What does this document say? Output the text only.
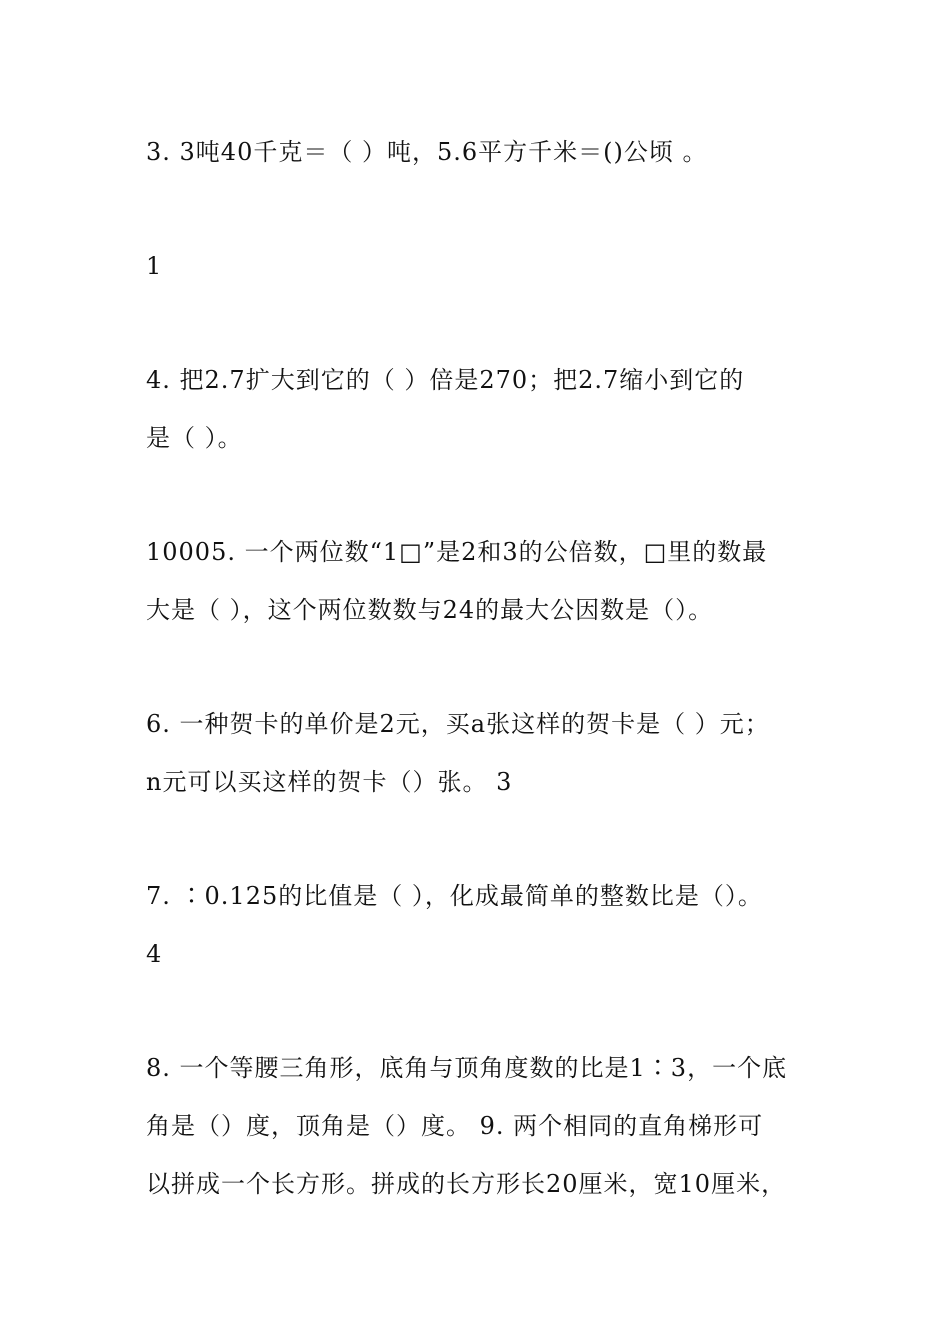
3. 3吨40千克＝（ ）吨，5.6平方千米＝()公顷 。
1
4. 把2.7扩大到它的（ ）倍是270；把2.7缩小到它的
是（ ）。
10005. 一个两位数“1□”是2和3的公倍数，□里的数最
大是（ ），这个两位数数与24的最大公因数是（）。
6. 一种贺卡的单价是2元，买a张这样的贺卡是（ ）元；
n元可以买这样的贺卡（）张。 3
7. ∶0.125的比值是（ ），化成最简单的整数比是（）。
4
8. 一个等腰三角形，底角与顶角度数的比是1∶3，一个底
角是（）度，顶角是（）度。 9. 两个相同的直角梯形可
以拼成一个长方形。拼成的长方形长20厘米，宽10厘米，
